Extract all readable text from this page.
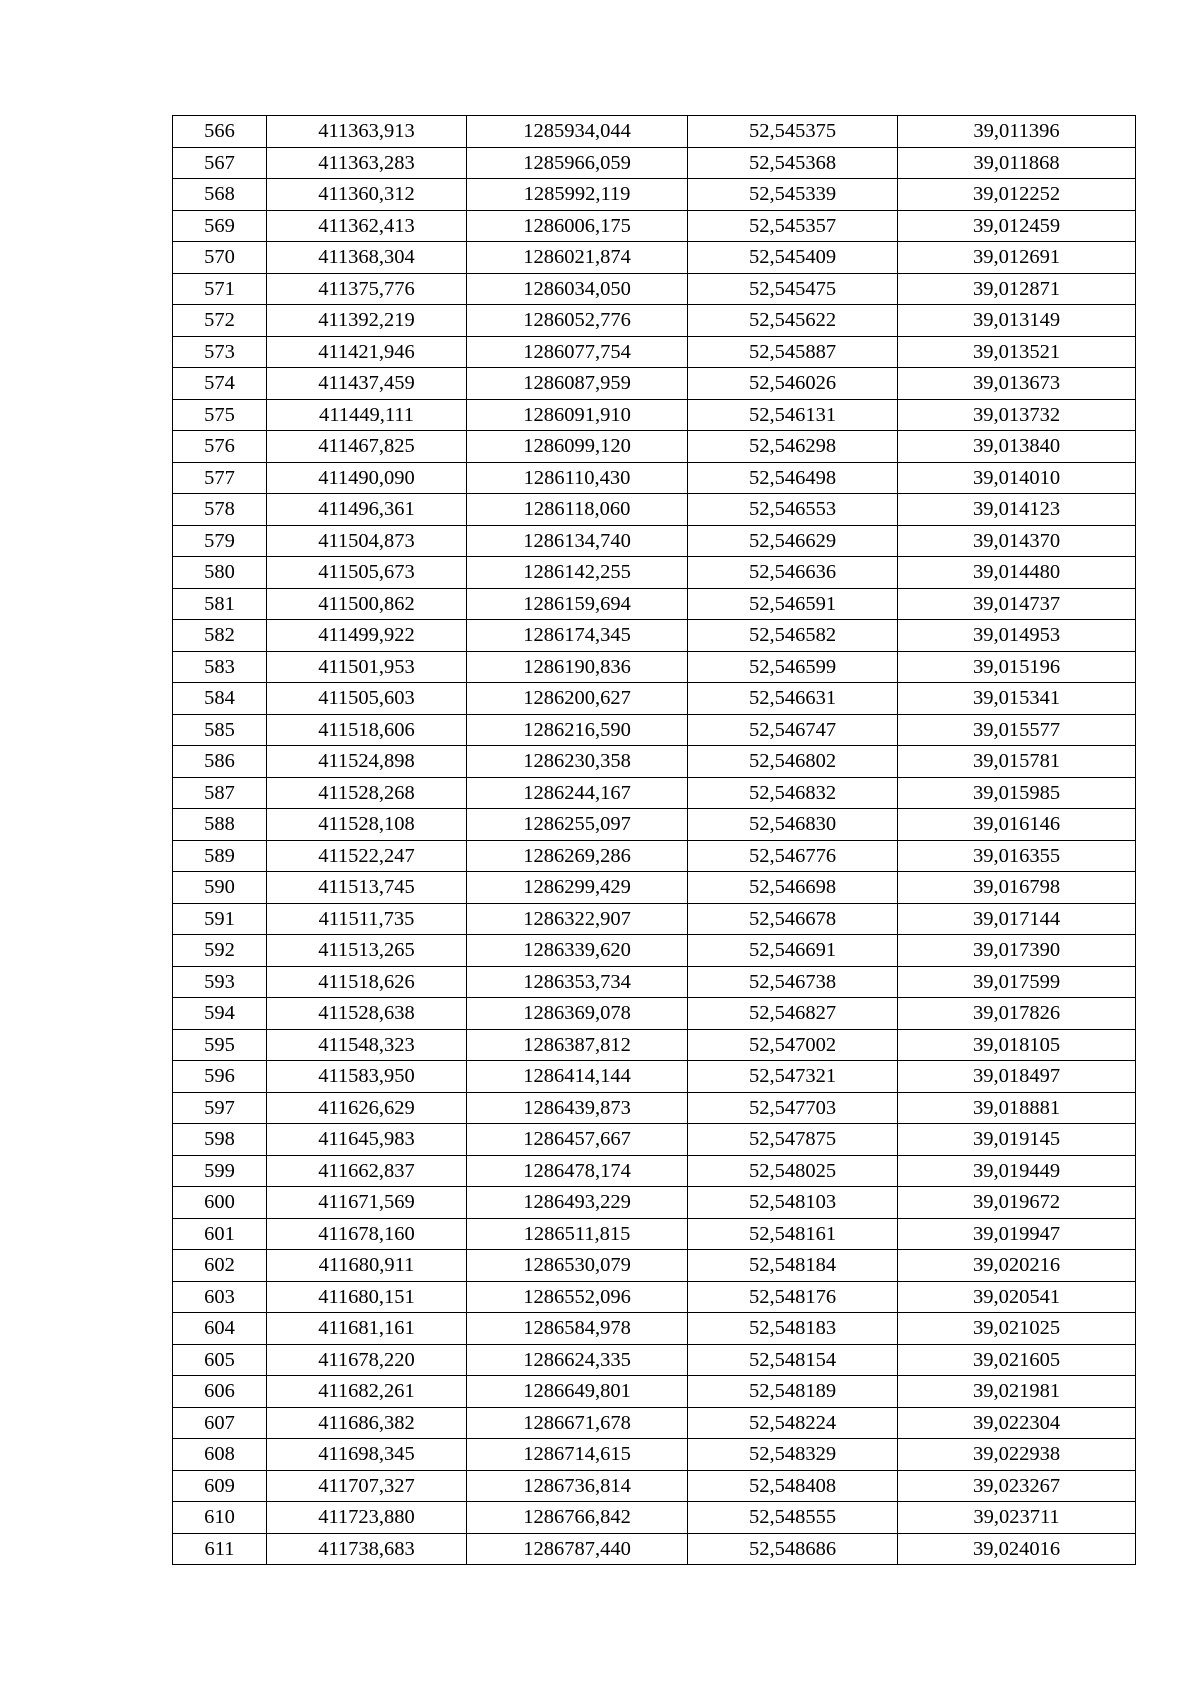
566	411363,913	1285934,044	52,545375	39,011396
567	411363,283	1285966,059	52,545368	39,011868
568	411360,312	1285992,119	52,545339	39,012252
569	411362,413	1286006,175	52,545357	39,012459
570	411368,304	1286021,874	52,545409	39,012691
571	411375,776	1286034,050	52,545475	39,012871
572	411392,219	1286052,776	52,545622	39,013149
573	411421,946	1286077,754	52,545887	39,013521
574	411437,459	1286087,959	52,546026	39,013673
575	411449,111	1286091,910	52,546131	39,013732
576	411467,825	1286099,120	52,546298	39,013840
577	411490,090	1286110,430	52,546498	39,014010
578	411496,361	1286118,060	52,546553	39,014123
579	411504,873	1286134,740	52,546629	39,014370
580	411505,673	1286142,255	52,546636	39,014480
581	411500,862	1286159,694	52,546591	39,014737
582	411499,922	1286174,345	52,546582	39,014953
583	411501,953	1286190,836	52,546599	39,015196
584	411505,603	1286200,627	52,546631	39,015341
585	411518,606	1286216,590	52,546747	39,015577
586	411524,898	1286230,358	52,546802	39,015781
587	411528,268	1286244,167	52,546832	39,015985
588	411528,108	1286255,097	52,546830	39,016146
589	411522,247	1286269,286	52,546776	39,016355
590	411513,745	1286299,429	52,546698	39,016798
591	411511,735	1286322,907	52,546678	39,017144
592	411513,265	1286339,620	52,546691	39,017390
593	411518,626	1286353,734	52,546738	39,017599
594	411528,638	1286369,078	52,546827	39,017826
595	411548,323	1286387,812	52,547002	39,018105
596	411583,950	1286414,144	52,547321	39,018497
597	411626,629	1286439,873	52,547703	39,018881
598	411645,983	1286457,667	52,547875	39,019145
599	411662,837	1286478,174	52,548025	39,019449
600	411671,569	1286493,229	52,548103	39,019672
601	411678,160	1286511,815	52,548161	39,019947
602	411680,911	1286530,079	52,548184	39,020216
603	411680,151	1286552,096	52,548176	39,020541
604	411681,161	1286584,978	52,548183	39,021025
605	411678,220	1286624,335	52,548154	39,021605
606	411682,261	1286649,801	52,548189	39,021981
607	411686,382	1286671,678	52,548224	39,022304
608	411698,345	1286714,615	52,548329	39,022938
609	411707,327	1286736,814	52,548408	39,023267
610	411723,880	1286766,842	52,548555	39,023711
611	411738,683	1286787,440	52,548686	39,024016
